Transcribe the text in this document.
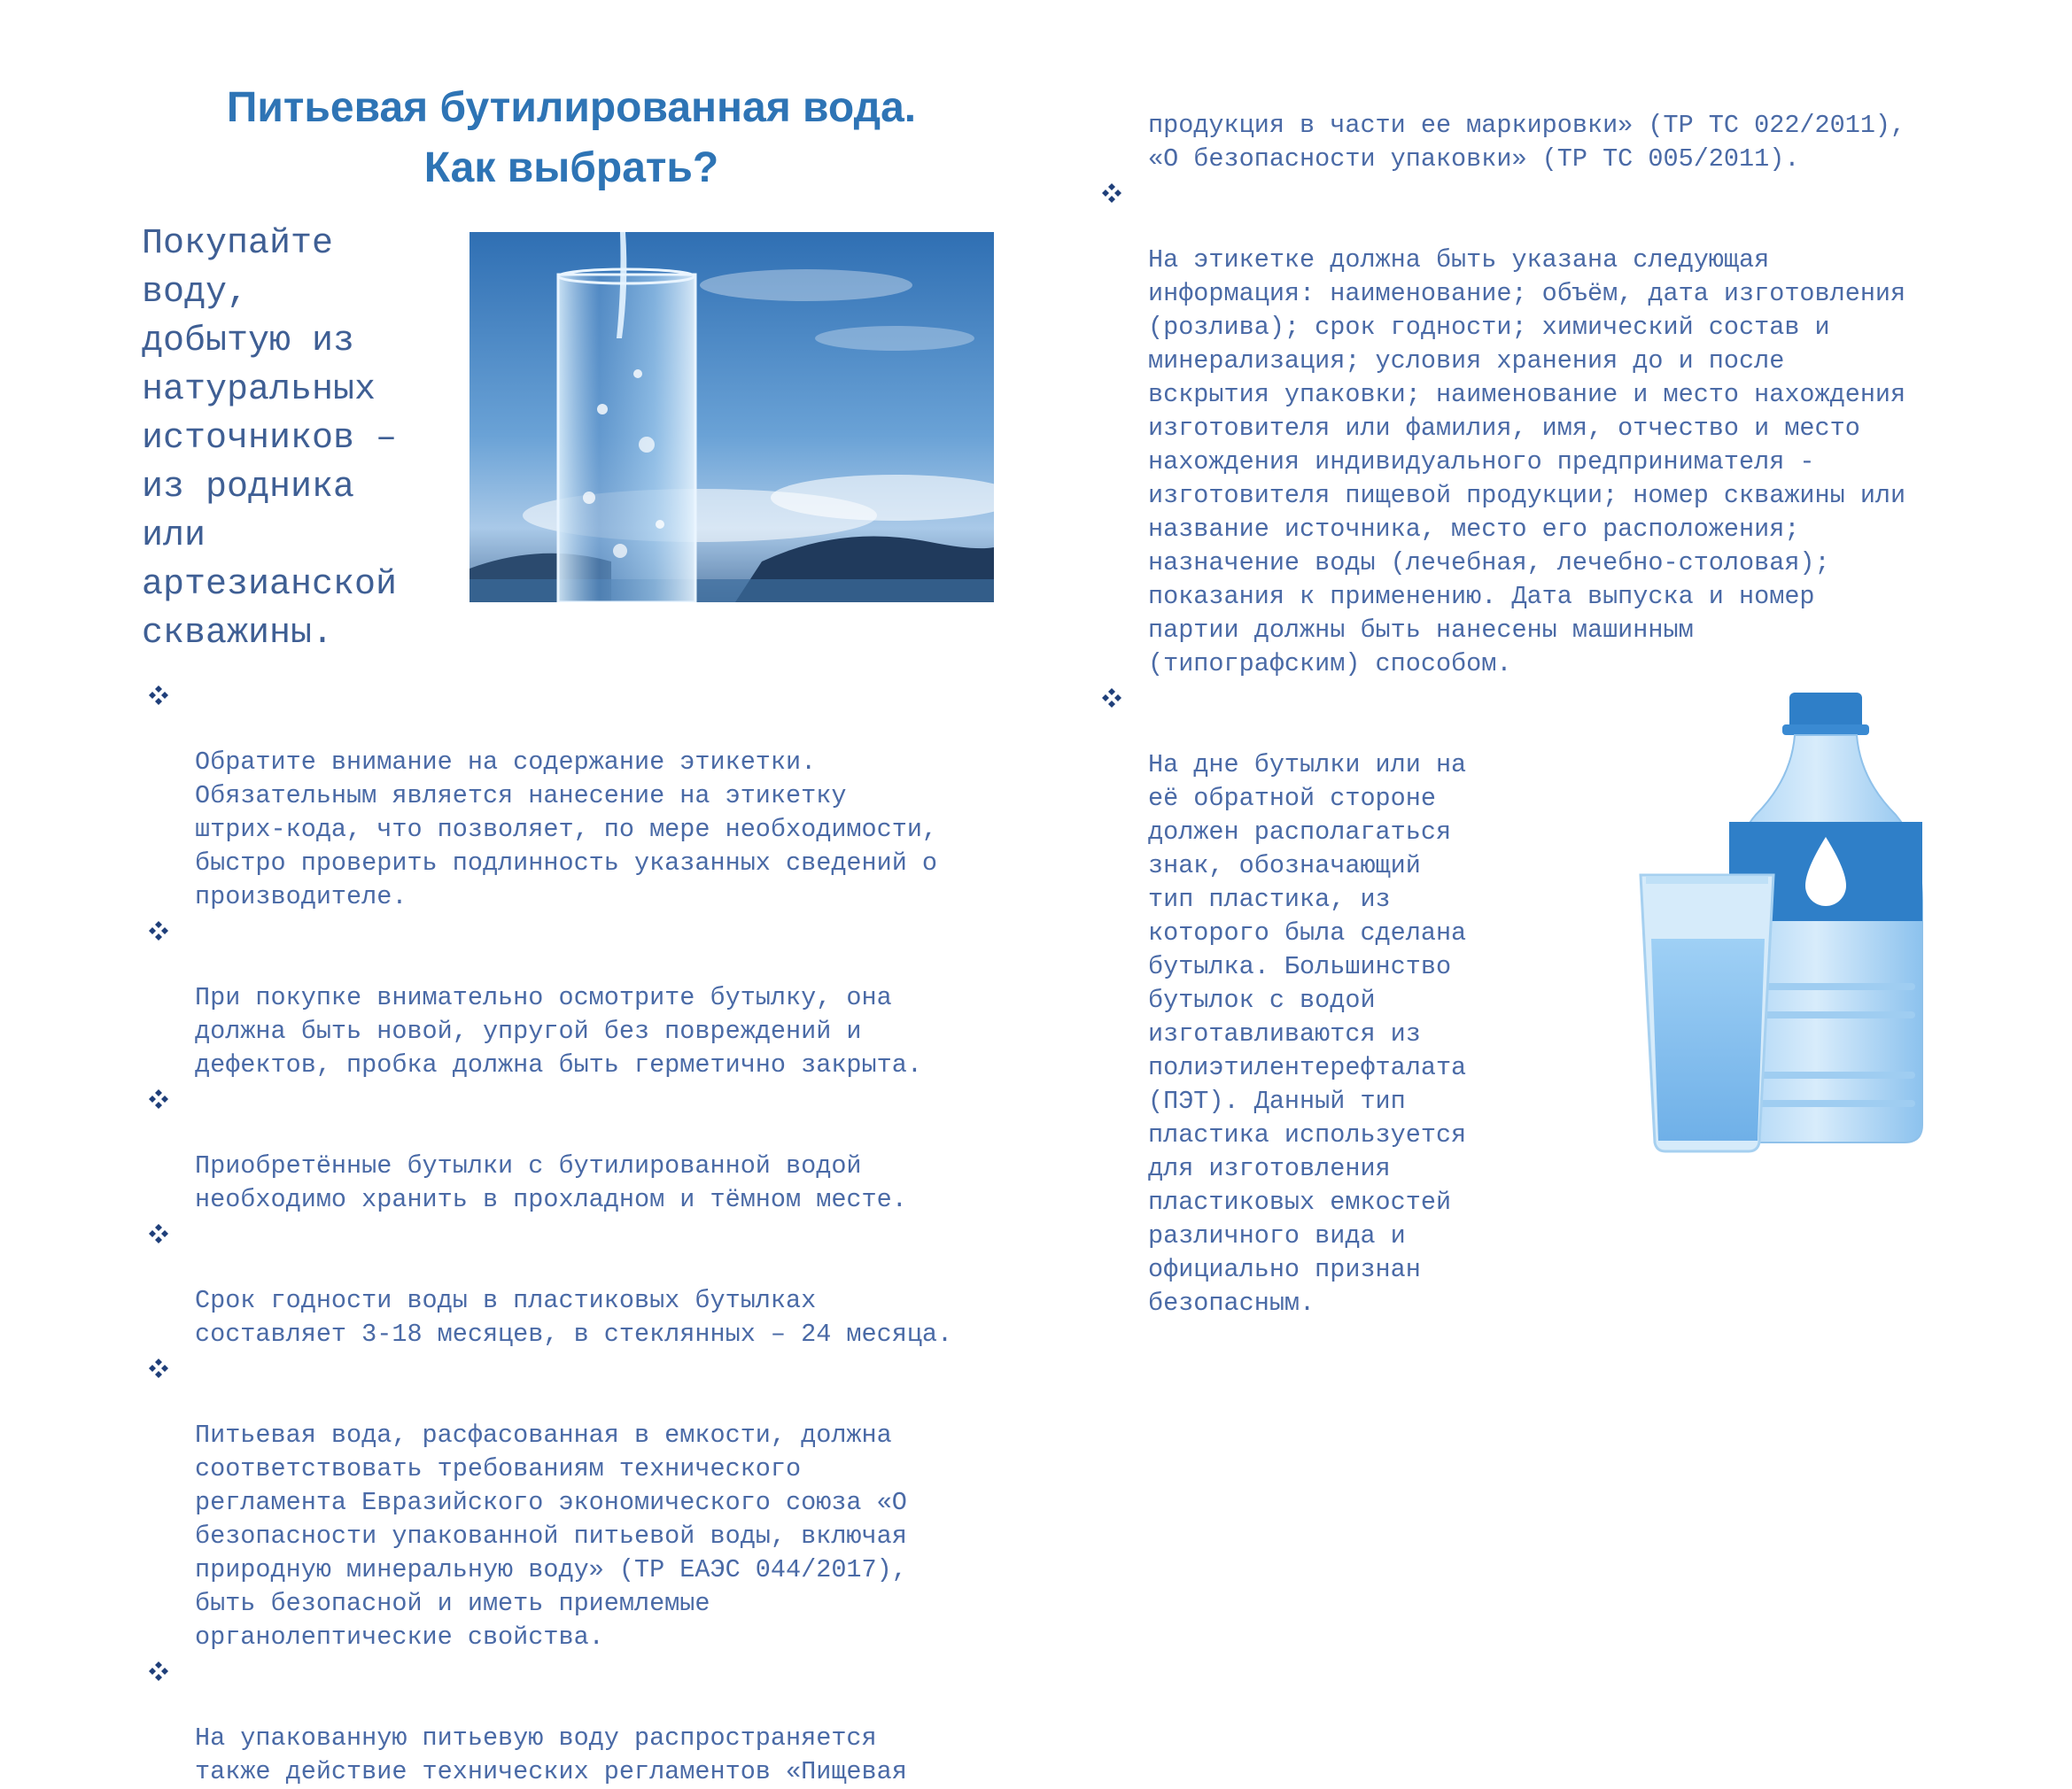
Питьевая бутилированная вода.
Как выбрать?

Покупайте
воду,
добытую из
натуральных
источников –
из родника
или
артезианской
скважины.

Обратите внимание на содержание этикетки.
Обязательным является нанесение на этикетку
штрих-кода, что позволяет, по мере необходимости,
быстро проверить подлинность указанных сведений о
производителе.

При покупке внимательно осмотрите бутылку, она
должна быть новой, упругой без повреждений и
дефектов, пробка должна быть герметично закрыта.

Приобретённые бутылки с бутилированной водой
необходимо хранить в прохладном и тёмном месте.

Срок годности воды в пластиковых бутылках
составляет 3-18 месяцев, в стеклянных – 24 месяца.

Питьевая вода, расфасованная в емкости, должна
соответствовать требованиям технического
регламента Евразийского экономического союза «О
безопасности упакованной питьевой воды, включая
природную минеральную воду» (ТР ЕАЭС 044/2017),
быть безопасной и иметь приемлемые
органолептические свойства.

На упакованную питьевую воду распространяется
также действие технических регламентов «Пищевая

продукция в части ее маркировки» (ТР ТС 022/2011),
«О безопасности упаковки» (ТР ТС 005/2011).

На этикетке должна быть указана следующая
информация: наименование; объём, дата изготовления
(розлива); срок годности; химический состав и
минерализация; условия хранения до и после
вскрытия упаковки; наименование и место нахождения
изготовителя или фамилия, имя, отчество и место
нахождения индивидуального предпринимателя -
изготовителя пищевой продукции; номер скважины или
название источника, место его расположения;
назначение воды (лечебная, лечебно-столовая);
показания к применению. Дата выпуска и номер
партии должны быть нанесены машинным
(типографским) способом.

На дне бутылки или на
её обратной стороне
должен располагаться
знак, обозначающий
тип пластика, из
которого была сделана
бутылка. Большинство
бутылок с водой
изготавливаются из
полиэтилентерефталата
(ПЭТ). Данный тип
пластика используется
для изготовления
пластиковых емкостей
различного вида и
официально признан
безопасным.
